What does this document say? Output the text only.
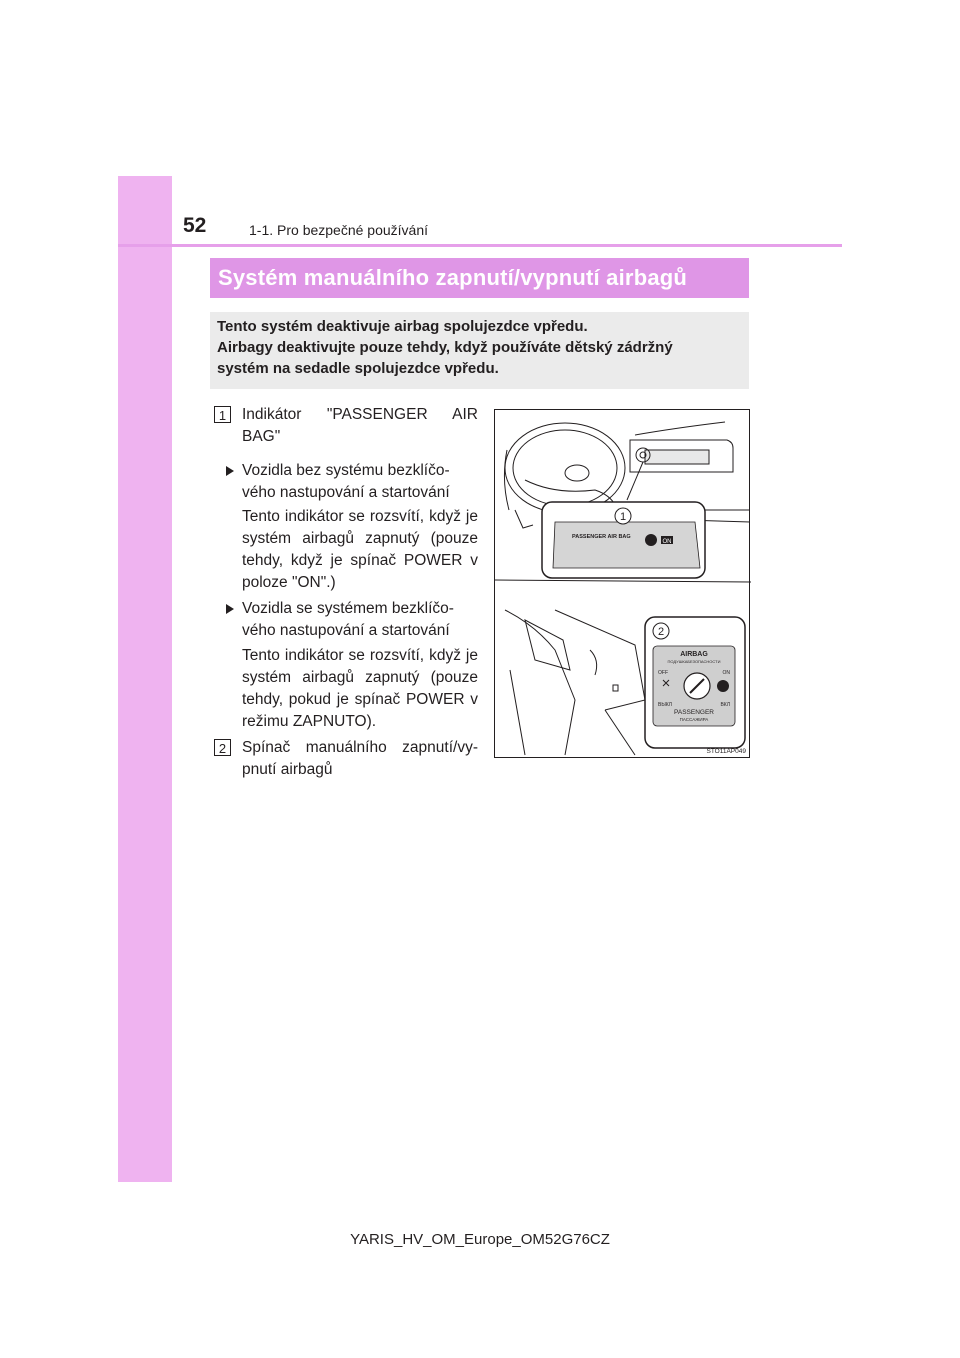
52	1-1. Pro bezpečné používání
Systém manuálního zapnutí/vypnutí airbagů
Tento systém deaktivuje airbag spolujezdce vpředu.
Airbagy deaktivujte pouze tehdy, když používáte dětský zádržný
systém na sedadle spolujezdce vpředu.
1	Indikátor "PASSENGER AIR BAG"
Vozidla bez systému bezklíčo-vého nastupování a startování
Tento indikátor se rozsvítí, když je systém airbagů zapnutý (pouze tehdy, když je spínač POWER v poloze "ON".)
Vozidla se systémem bezklíčo-vého nastupování a startování
Tento indikátor se rozsvítí, když je systém airbagů zapnutý (pouze tehdy, pokud je spínač POWER v režimu ZAPNUTO).
2	Spínač manuálního zapnutí/vy-pnutí airbagů
1
PASSENGER AIR BAG
ON
2
AIRBAG
ПОДУШКАБЕЗОПАСНОСТИ
OFF	ON
ВЫКЛ	ВКЛ
PASSENGER
ПАССАЖИРА
STO11AP049
YARIS_HV_OM_Europe_OM52G76CZ
